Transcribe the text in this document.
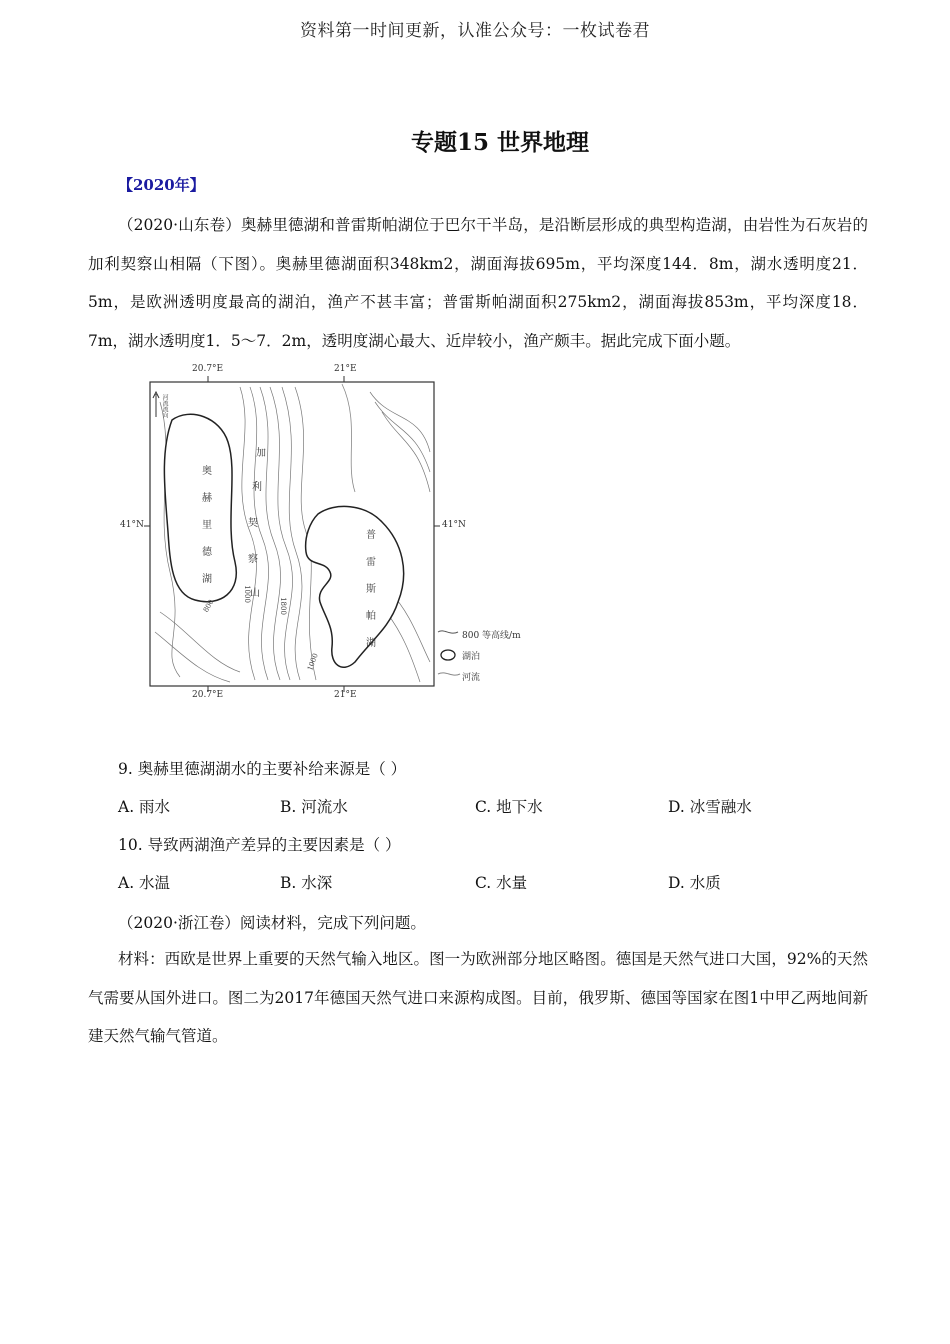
资料第一时间更新，认准公众号：一枚试卷君
专题15 世界地理
【2020年】
（2020·山东卷）奥赫里德湖和普雷斯帕湖位于巴尔干半岛，是沿断层形成的典型构造湖，由岩性为石灰岩的加利契察山相隔（下图）。奥赫里德湖面积348km2，湖面海拔695m，平均深度144．8m，湖水透明度21．5m，是欧洲透明度最高的湖泊，渔产不甚丰富；普雷斯帕湖面积275km2，湖面海拔853m，平均深度18．7m，湖水透明度1．5～7．2m，透明度湖心最大、近岸较小，渔产颇丰。据此完成下面小题。
20.7°E	21°E
20.7°E	21°E
41°N	41°N
河流流向
奥
赫
里
德
湖
普
雷
斯
帕
湖
加
利
契
察
山
800
1000
1800
1000
800 等高线/m
湖泊
河流
9. 奥赫里德湖湖水的主要补给来源是（ ）
A. 雨水	B. 河流水	C. 地下水	D. 冰雪融水
10. 导致两湖渔产差异的主要因素是（ ）
A. 水温	B. 水深	C. 水量	D. 水质
（2020·浙江卷）阅读材料，完成下列问题。
材料：西欧是世界上重要的天然气输入地区。图一为欧洲部分地区略图。德国是天然气进口大国，92%的天然气需要从国外进口。图二为2017年德国天然气进口来源构成图。目前，俄罗斯、德国等国家在图1中甲乙两地间新建天然气输气管道。
